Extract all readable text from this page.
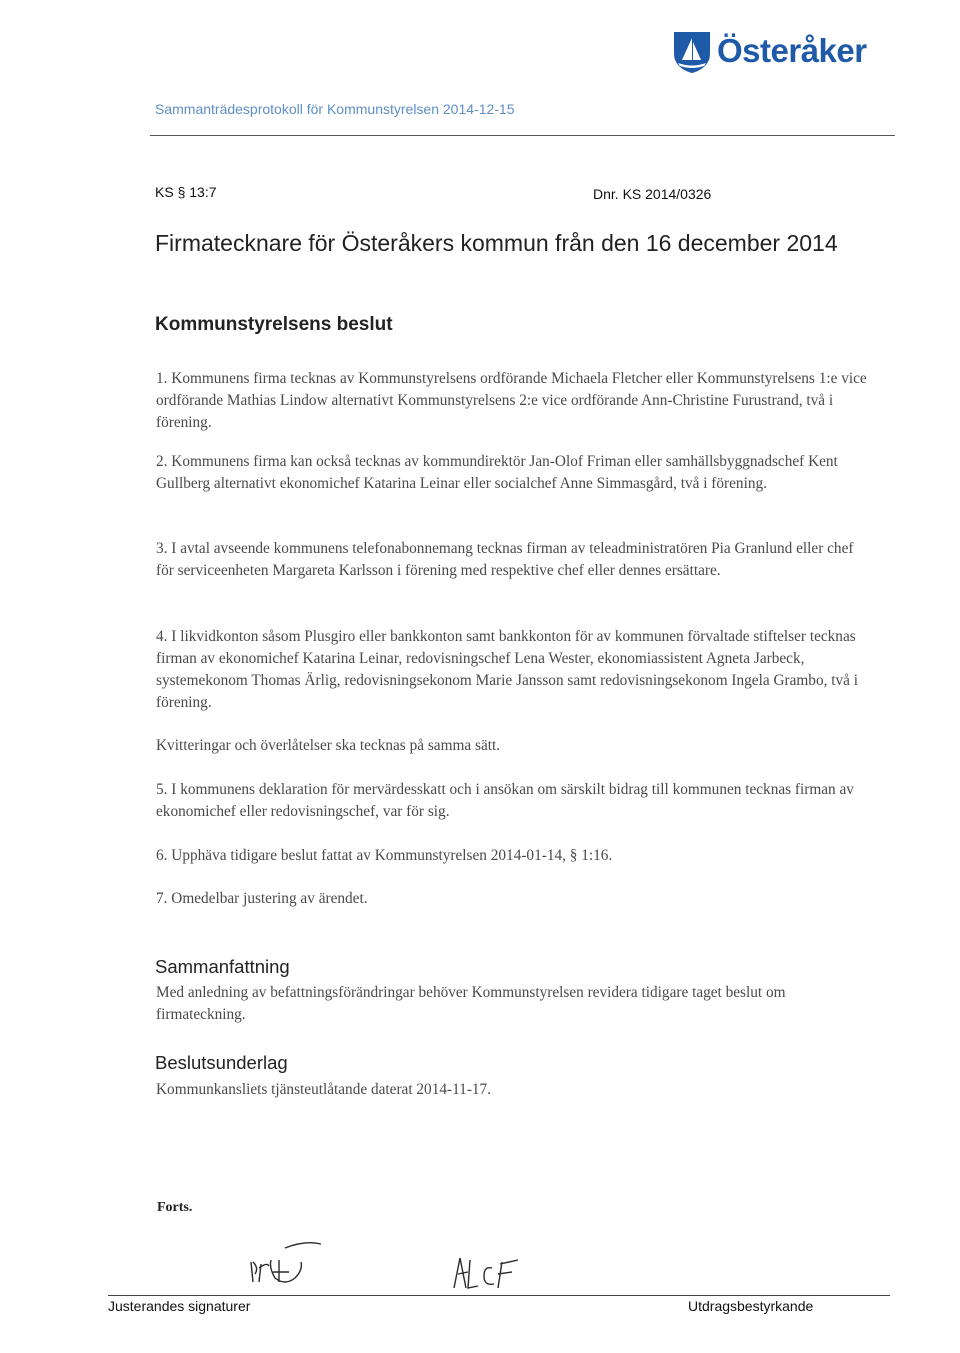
Österåker
Sammanträdesprotokoll för Kommunstyrelsen 2014-12-15
KS § 13:7	Dnr. KS 2014/0326
Firmatecknare för Österåkers kommun från den 16 december 2014
Kommunstyrelsens beslut

1. Kommunens firma tecknas av Kommunstyrelsens ordförande Michaela Fletcher eller Kommunstyrelsens 1:e vice ordförande Mathias Lindow alternativt Kommunstyrelsens 2:e vice ordförande Ann-Christine Furustrand, två i förening.

2. Kommunens firma kan också tecknas av kommundirektör Jan-Olof Friman eller samhällsbyggnadschef Kent Gullberg alternativt ekonomichef Katarina Leinar eller socialchef Anne Simmasgård, två i förening.

3. I avtal avseende kommunens telefonabonnemang tecknas firman av teleadministratören Pia Granlund eller chef för serviceenheten Margareta Karlsson i förening med respektive chef eller dennes ersättare.

4. I likvidkonton såsom Plusgiro eller bankkonton samt bankkonton för av kommunen förvaltade stiftelser tecknas firman av ekonomichef Katarina Leinar, redovisningschef Lena Wester, ekonomiassistent Agneta Jarbeck, systemekonom Thomas Ärlig, redovisningsekonom Marie Jansson samt redovisningsekonom Ingela Grambo, två i förening.

Kvitteringar och överlåtelser ska tecknas på samma sätt.

5. I kommunens deklaration för mervärdesskatt och i ansökan om särskilt bidrag till kommunen tecknas firman av ekonomichef eller redovisningschef, var för sig.

6. Upphäva tidigare beslut fattat av Kommunstyrelsen 2014-01-14, § 1:16.

7. Omedelbar justering av ärendet.

Sammanfattning

Med anledning av befattningsförändringar behöver Kommunstyrelsen revidera tidigare taget beslut om firmateckning.

Beslutsunderlag

Kommunkansliets tjänsteutlåtande daterat 2014-11-17.

Forts.
Justerandes signaturer	Utdragsbestyrkande
